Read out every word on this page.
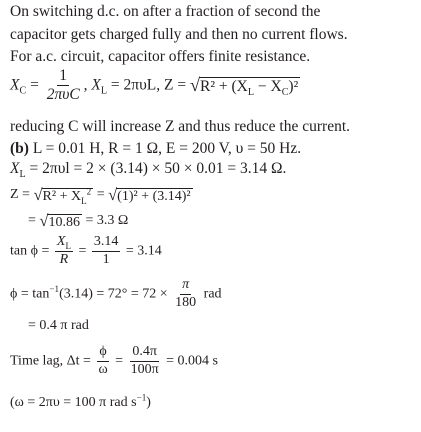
On switching d.c. on after a fraction of second the
capacitor gets charged fully and then no current flows.
For a.c. circuit, capacitor offers finite resistance.
$X_C = \frac{1}{\text{2πυC}}$ , $X_L = 2\pi\upsilon L$, $Z = √R^2 + (X_L - X_C)^2$
reducing C will increase Z and thus reduce the current.
(b) L = 0.01 H, R = 1 Ω, E = 200 V, υ = 50 Hz.
$X_L = 2\pi\upsilon l = 2 \times (3.14) \times 50 \times 0.01 = 3.14$ Ω.
$Z = √R^2 + X_L^2 = √(1)^2 + (3.14)^2$
= √10.86 = 3.3 Ω
$\tan \phi = \frac{X_L}{R} = \frac{3.14}{1} = 3.14$
$\phi = \tan^{-1}(3.14) = 72^\circ = 72 \times \frac{\pi}{180}$ rad
= 0.4 π rad
Time lag, $\Delta t = \frac{\phi}{\omega} = \frac{0.4\pi}{100\pi} = 0.004$ s
(ω = 2πυ = 100 π rad $s^{-1}$)
